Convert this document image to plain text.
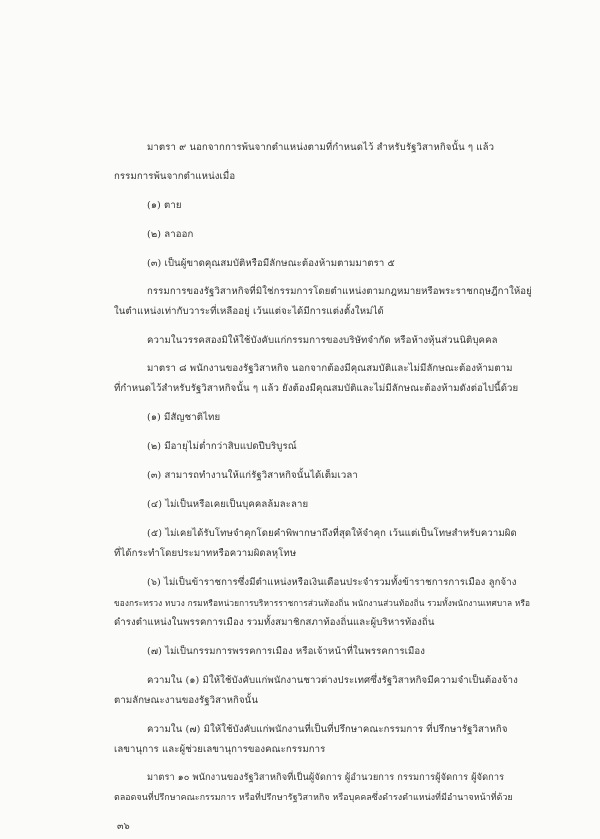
มาตรา ๙ นอกจากการพ้นจากตำแหน่งตามที่กำหนดไว้ สำหรับรัฐวิสาหกิจนั้น ๆ แล้ว
กรรมการพ้นจากตำแหน่งเมื่อ
(๑) ตาย
(๒) ลาออก
(๓) เป็นผู้ขาดคุณสมบัติหรือมีลักษณะต้องห้ามตามมาตรา ๕
กรรมการของรัฐวิสาหกิจที่มิใช่กรรมการโดยตำแหน่งตามกฎหมายหรือพระราชกฤษฎีกาให้อยู่
ในตำแหน่งเท่ากับวาระที่เหลืออยู่ เว้นแต่จะได้มีการแต่งตั้งใหม่ได้
ความในวรรคสองมิให้ใช้บังคับแก่กรรมการของบริษัทจำกัด หรือห้างหุ้นส่วนนิติบุคคล
มาตรา ๘ พนักงานของรัฐวิสาหกิจ นอกจากต้องมีคุณสมบัติและไม่มีลักษณะต้องห้ามตาม
ที่กำหนดไว้สำหรับรัฐวิสาหกิจนั้น ๆ แล้ว ยังต้องมีคุณสมบัติและไม่มีลักษณะต้องห้ามดังต่อไปนี้ด้วย
(๑) มีสัญชาติไทย
(๒) มีอายุไม่ต่ำกว่าสิบแปดปีบริบูรณ์
(๓) สามารถทำงานให้แก่รัฐวิสาหกิจนั้นได้เต็มเวลา
(๔) ไม่เป็นหรือเคยเป็นบุคคลล้มละลาย
(๕) ไม่เคยได้รับโทษจำคุกโดยคำพิพากษาถึงที่สุดให้จำคุก เว้นแต่เป็นโทษสำหรับความผิด
ที่ได้กระทำโดยประมาทหรือความผิดลหุโทษ
(๖) ไม่เป็นข้าราชการซึ่งมีตำแหน่งหรือเงินเดือนประจำรวมทั้งข้าราชการการเมือง ลูกจ้าง
ของกระทรวง ทบวง กรมหรือหน่วยการบริหารราชการส่วนท้องถิ่น พนักงานส่วนท้องถิ่น รวมทั้งพนักงานเทศบาล หรือ
ดำรงตำแหน่งในพรรคการเมือง รวมทั้งสมาชิกสภาท้องถิ่นและผู้บริหารท้องถิ่น
(๗) ไม่เป็นกรรมการพรรคการเมือง หรือเจ้าหน้าที่ในพรรคการเมือง
ความใน (๑) มิให้ใช้บังคับแก่พนักงานชาวต่างประเทศซึ่งรัฐวิสาหกิจมีความจำเป็นต้องจ้าง
ตามลักษณะงานของรัฐวิสาหกิจนั้น
ความใน (๗) มิให้ใช้บังคับแก่พนักงานที่เป็นที่ปรึกษาคณะกรรมการ ที่ปรึกษารัฐวิสาหกิจ
เลขานุการ และผู้ช่วยเลขานุการของคณะกรรมการ
มาตรา ๑๐ พนักงานของรัฐวิสาหกิจที่เป็นผู้จัดการ ผู้อำนวยการ กรรมการผู้จัดการ ผู้จัดการ
ตลอดจนที่ปรึกษาคณะกรรมการ หรือที่ปรึกษารัฐวิสาหกิจ หรือบุคคลซึ่งดำรงตำแหน่งที่มีอำนาจหน้าที่ด้วย
๓๖
